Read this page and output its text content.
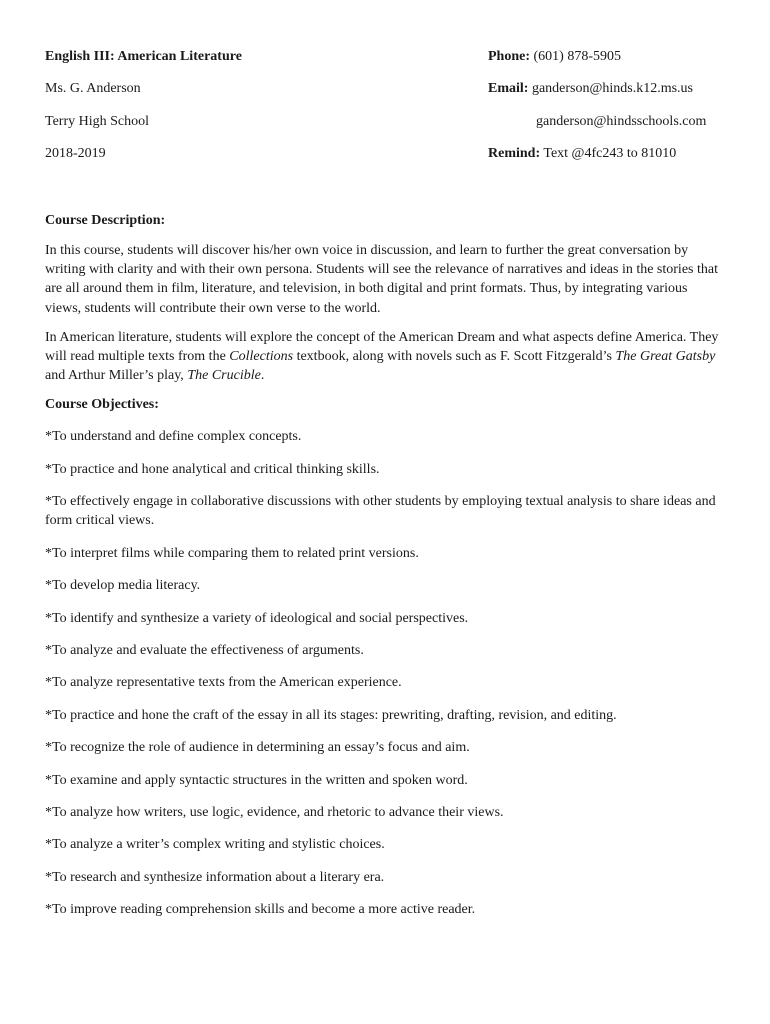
English III: American Literature
Ms. G. Anderson
Terry High School
2018-2019
Phone: (601) 878-5905
Email: ganderson@hinds.k12.ms.us
ganderson@hindsschools.com
Remind: Text @4fc243 to 81010
Course Description:

In this course, students will discover his/her own voice in discussion, and learn to further the great conversation by writing with clarity and with their own persona. Students will see the relevance of narratives and ideas in the stories that are all around them in film, literature, and television, in both digital and print formats. Thus, by integrating various views, students will contribute their own verse to the world.

In American literature, students will explore the concept of the American Dream and what aspects define America. They will read multiple texts from the Collections textbook, along with novels such as F. Scott Fitzgerald’s The Great Gatsby and Arthur Miller’s play, The Crucible.

Course Objectives:
*To understand and define complex concepts.
*To practice and hone analytical and critical thinking skills.
*To effectively engage in collaborative discussions with other students by employing textual analysis to share ideas and form critical views.
*To interpret films while comparing them to related print versions.
*To develop media literacy.
*To identify and synthesize a variety of ideological and social perspectives.
*To analyze and evaluate the effectiveness of arguments.
*To analyze representative texts from the American experience.
*To practice and hone the craft of the essay in all its stages: prewriting, drafting, revision, and editing.
*To recognize the role of audience in determining an essay’s focus and aim.
*To examine and apply syntactic structures in the written and spoken word.
*To analyze how writers, use logic, evidence, and rhetoric to advance their views.
*To analyze a writer’s complex writing and stylistic choices.
*To research and synthesize information about a literary era.
*To improve reading comprehension skills and become a more active reader.
